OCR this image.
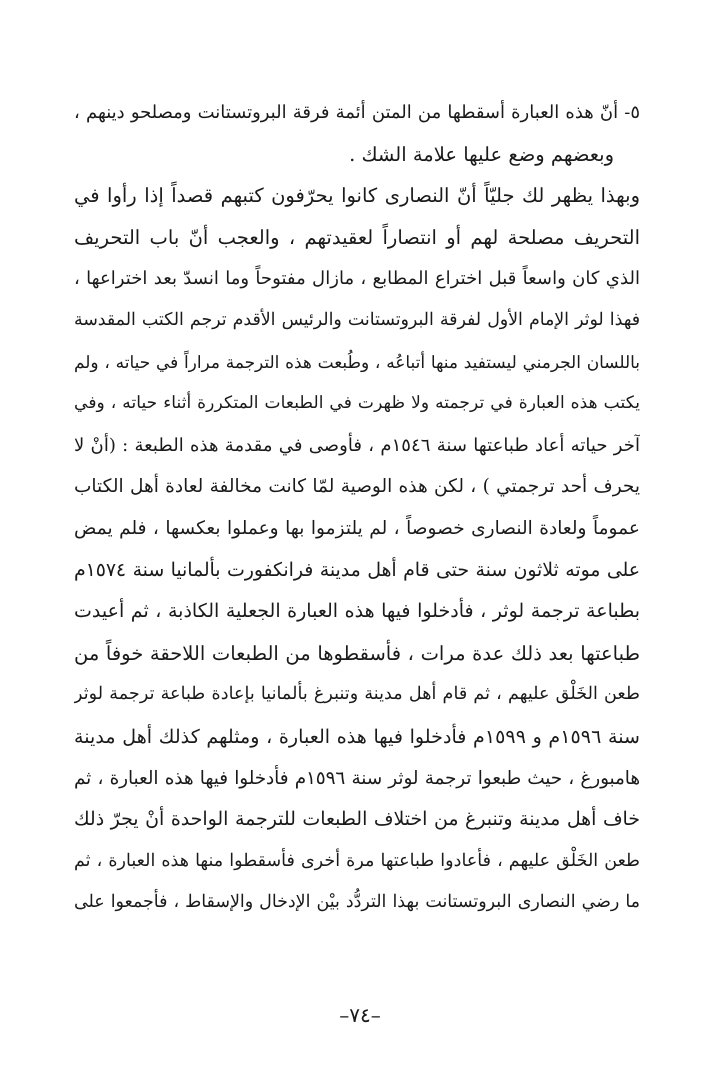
٥- أنّ هذه العبارة أسقطها من المتن أئمة فرقة البروتستانت ومصلحو دينهم ،
وبعضهم وضع عليها علامة الشك .
وبهذا يظهر لك جليّاً أنّ النصارى كانوا يحرّفون كتبهم قصداً إذا رأوا في
التحريف مصلحة لهم أو انتصاراً لعقيدتهم ، والعجب أنّ باب التحريف
الذي كان واسعاً قبل اختراع المطابع ، مازال مفتوحاً وما انسدّ بعد اختراعها ،
فهذا لوثر الإمام الأول لفرقة البروتستانت والرئيس الأقدم ترجم الكتب المقدسة
باللسان الجرمني ليستفيد منها أتباعُه ، وطُبعت هذه الترجمة مراراً في حياته ، ولم
يكتب هذه العبارة في ترجمته ولا ظهرت في الطبعات المتكررة أثناء حياته ، وفي
آخر حياته أعاد طباعتها سنة ١٥٤٦م ، فأوصى في مقدمة هذه الطبعة : (أنْ لا
يحرف أحد ترجمتي ) ، لكن هذه الوصية لمّا كانت مخالفة لعادة أهل الكتاب
عموماً ولعادة النصارى خصوصاً ، لم يلتزموا بها وعملوا بعكسها ، فلم يمض
على موته ثلاثون سنة حتى قام أهل مدينة فرانكفورت بألمانيا سنة ١٥٧٤م
بطباعة ترجمة لوثر ، فأدخلوا فيها هذه العبارة الجعلية الكاذبة ، ثم أعيدت
طباعتها بعد ذلك عدة مرات ، فأسقطوها من الطبعات اللاحقة خوفاً من
طعن الخَلْق عليهم ، ثم قام أهل مدينة وتنبرغ بألمانيا بإعادة طباعة ترجمة لوثر
سنة ١٥٩٦م و ١٥٩٩م فأدخلوا فيها هذه العبارة ، ومثلهم كذلك أهل مدينة
هامبورغ ، حيث طبعوا ترجمة لوثر سنة ١٥٩٦م فأدخلوا فيها هذه العبارة ، ثم
خاف أهل مدينة وتنبرغ من اختلاف الطبعات للترجمة الواحدة أنْ يجرّ ذلك
طعن الخَلْق عليهم ، فأعادوا طباعتها مرة أخرى فأسقطوا منها هذه العبارة ، ثم
ما رضي النصارى البروتستانت بهذا التردُّد بيْن الإدخال والإسقاط ، فأجمعوا على
–٧٤–
